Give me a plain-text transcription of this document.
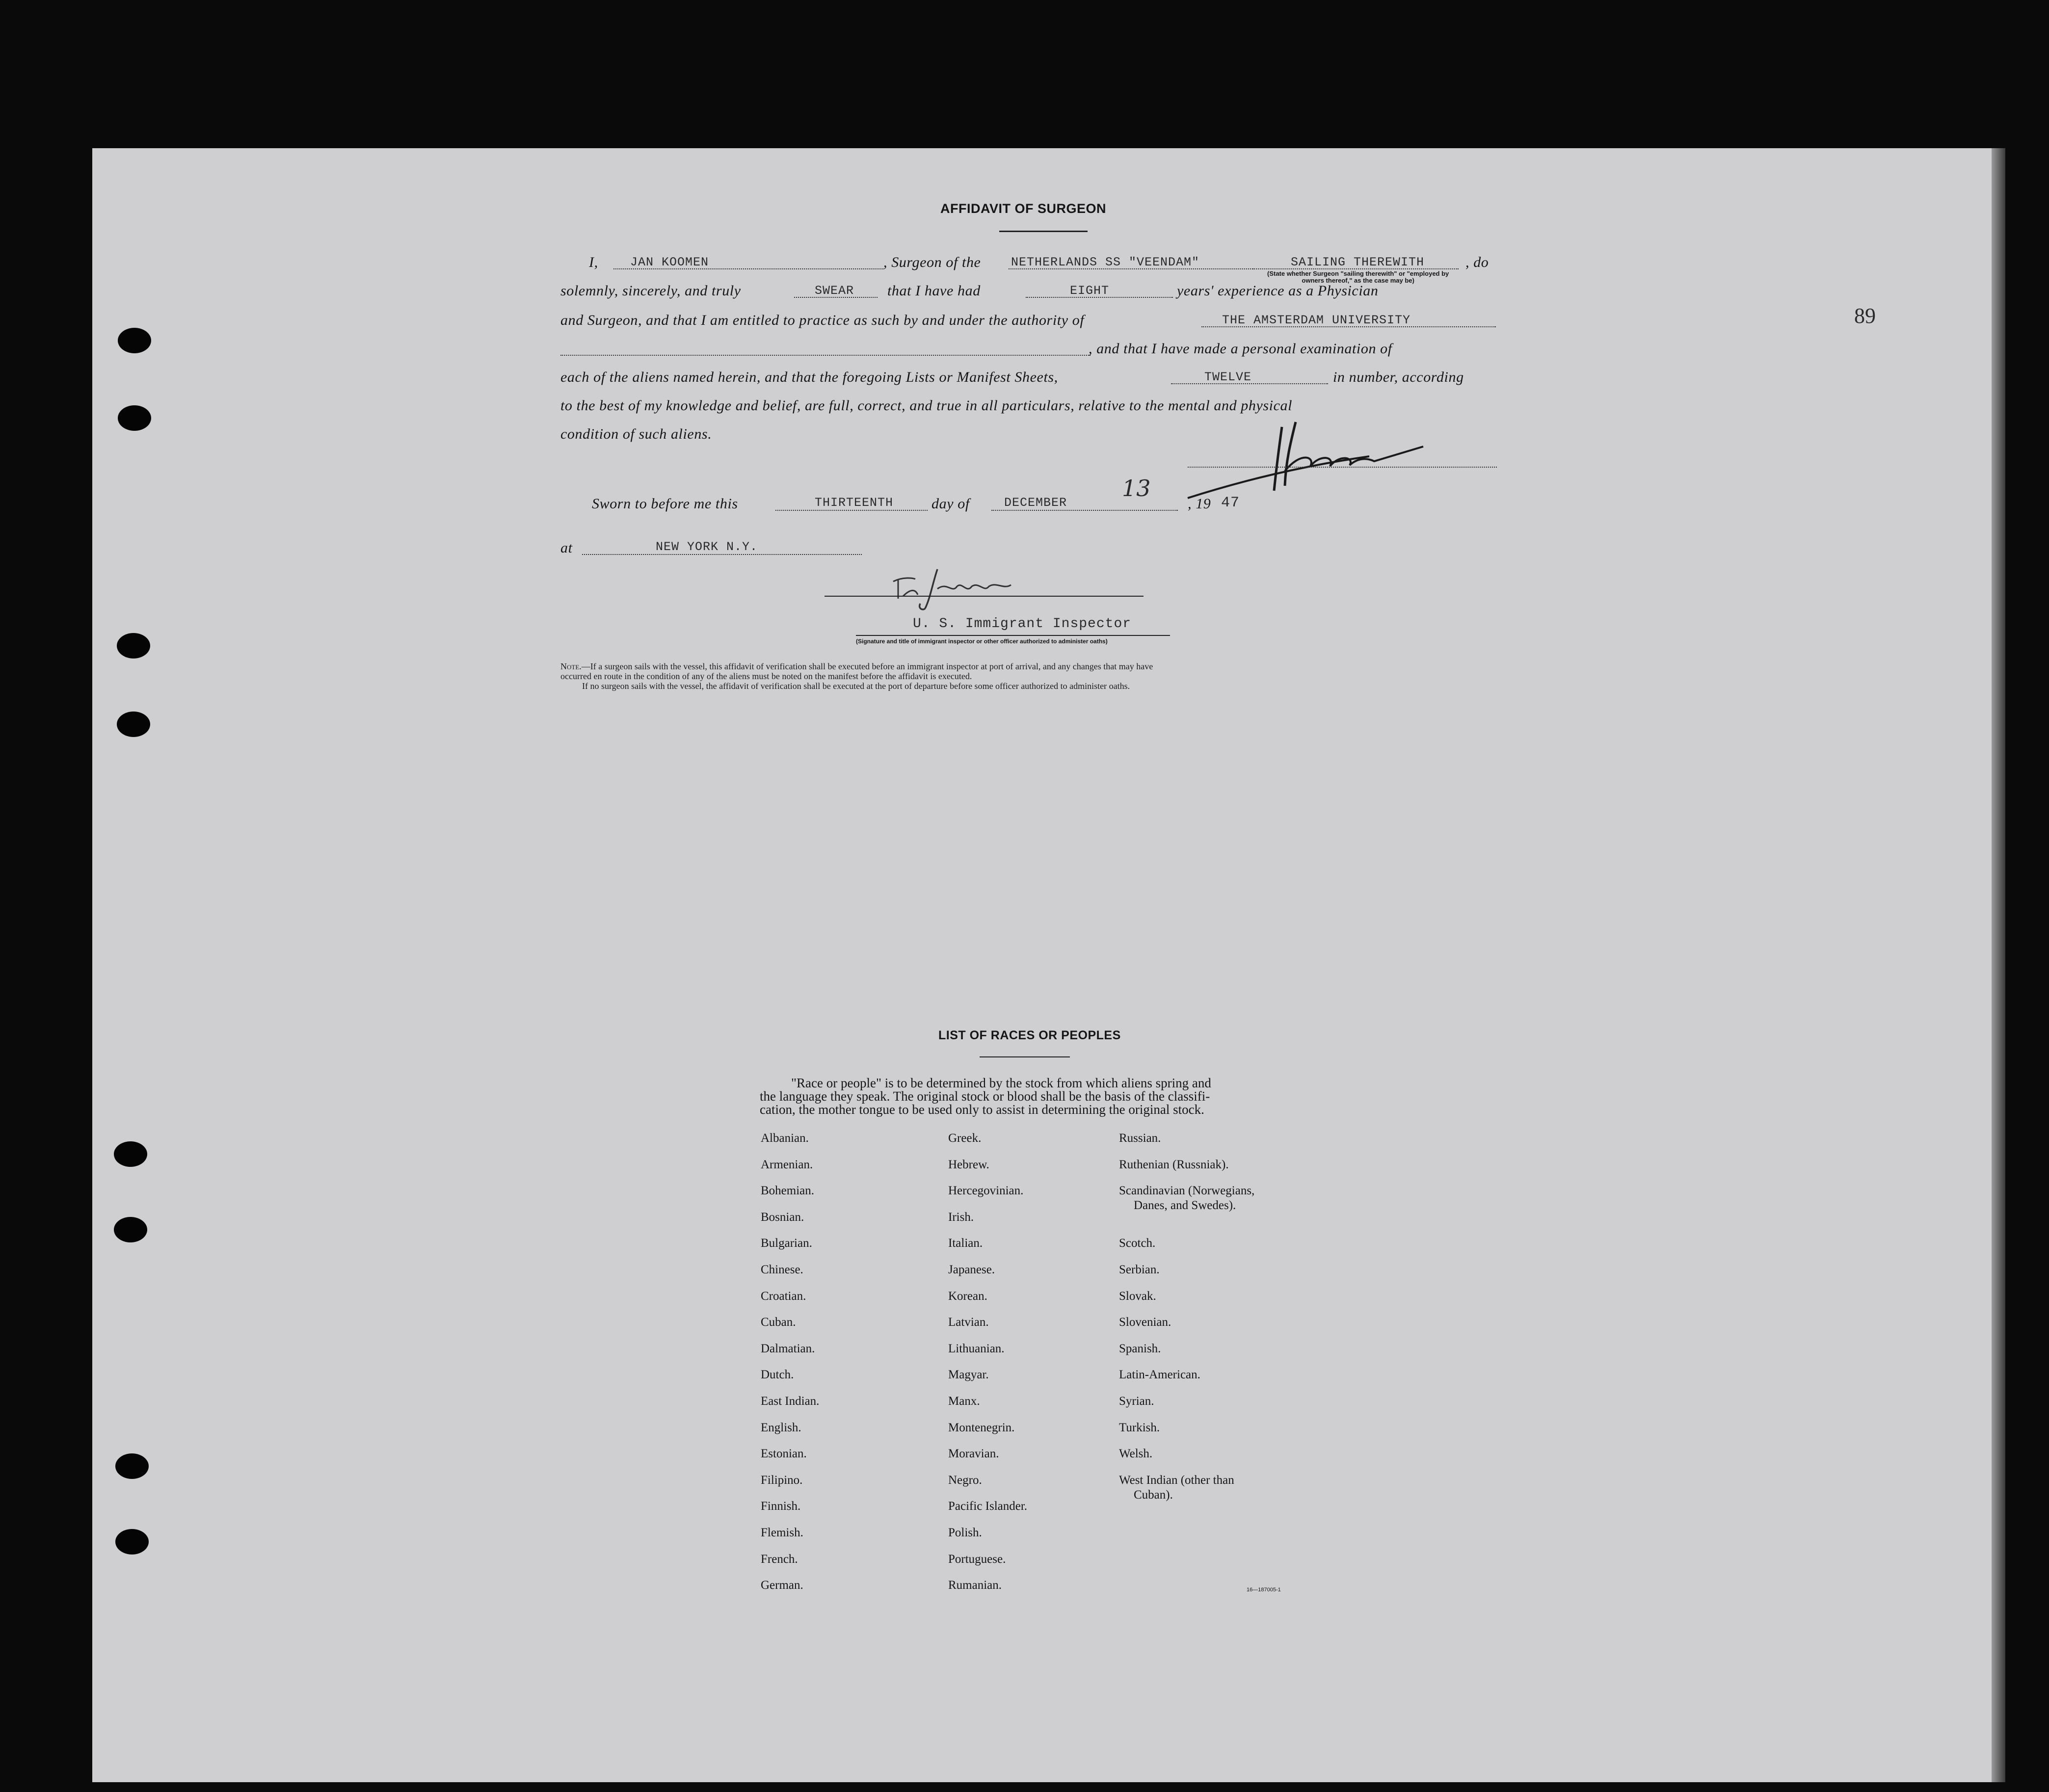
89
AFFIDAVIT OF SURGEON
I,	JAN KOOMEN	, Surgeon of the NETHERLANDS SS "VEENDAM"	SAILING THEREWITH	, do
(State whether Surgeon "sailing therewith" or "employed by
owners thereof," as the case may be)
solemnly, sincerely, and truly	SWEAR that I have had	EIGHT	years' experience as a Physician
and Surgeon, and that I am entitled to practice as such by and under the authority of	THE AMSTERDAM UNIVERSITY
, and that I have made a personal examination of
each of the aliens named herein, and that the foregoing Lists or Manifest Sheets,	TWELVE	in number, according
to the best of my knowledge and belief, are full, correct, and true in all particulars, relative to the mental and physical
condition of such aliens.
Sworn to before me this	THIRTEENTH	day of	DECEMBER
13
, 19 47
at	NEW YORK N.Y.
U. S. Immigrant Inspector
(Signature and title of immigrant inspector or other officer authorized to administer oaths)
Note.—If a surgeon sails with the vessel, this affidavit of verification shall be executed before an immigrant inspector at port of arrival, and any changes that may have
occurred en route in the condition of any of the aliens must be noted on the manifest before the affidavit is executed.
If no surgeon sails with the vessel, the affidavit of verification shall be executed at the port of departure before some officer authorized to administer oaths.
LIST OF RACES OR PEOPLES
"Race or people" is to be determined by the stock from which aliens spring and
the language they speak. The original stock or blood shall be the basis of the classifi-
cation, the mother tongue to be used only to assist in determining the original stock.
Albanian.
Armenian.
Bohemian.
Bosnian.
Bulgarian.
Chinese.
Croatian.
Cuban.
Dalmatian.
Dutch.
East Indian.
English.
Estonian.
Filipino.
Finnish.
Flemish.
French.
German.
Greek.
Hebrew.
Hercegovinian.
Irish.
Italian.
Japanese.
Korean.
Latvian.
Lithuanian.
Magyar.
Manx.
Montenegrin.
Moravian.
Negro.
Pacific Islander.
Polish.
Portuguese.
Rumanian.
Russian.
Ruthenian (Russniak).
Scandinavian (Norwegians,
Danes, and Swedes).
Scotch.
Serbian.
Slovak.
Slovenian.
Spanish.
Latin-American.
Syrian.
Turkish.
Welsh.
West Indian (other than
Cuban).
16—187005-1
